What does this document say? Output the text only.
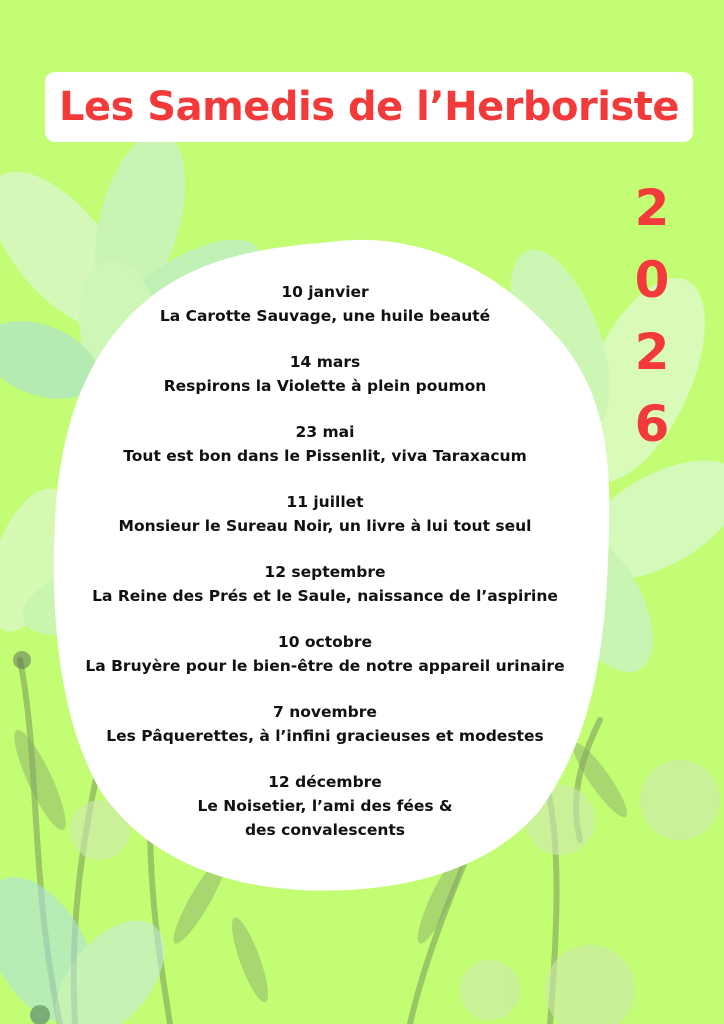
Les Samedis de l’Herboriste
2
0
2
6
10 janvier
La Carotte Sauvage, une huile beauté
14 mars
Respirons la Violette à plein poumon
23 mai
Tout est bon dans le Pissenlit, viva Taraxacum
11 juillet
Monsieur le Sureau Noir, un livre à lui tout seul
12 septembre
La Reine des Prés et le Saule, naissance de l’aspirine
10 octobre
La Bruyère pour le bien-être de notre appareil urinaire
7 novembre
Les Pâquerettes, à l’infini gracieuses et modestes
12 décembre
Le Noisetier, l’ami des fées &
des convalescents
